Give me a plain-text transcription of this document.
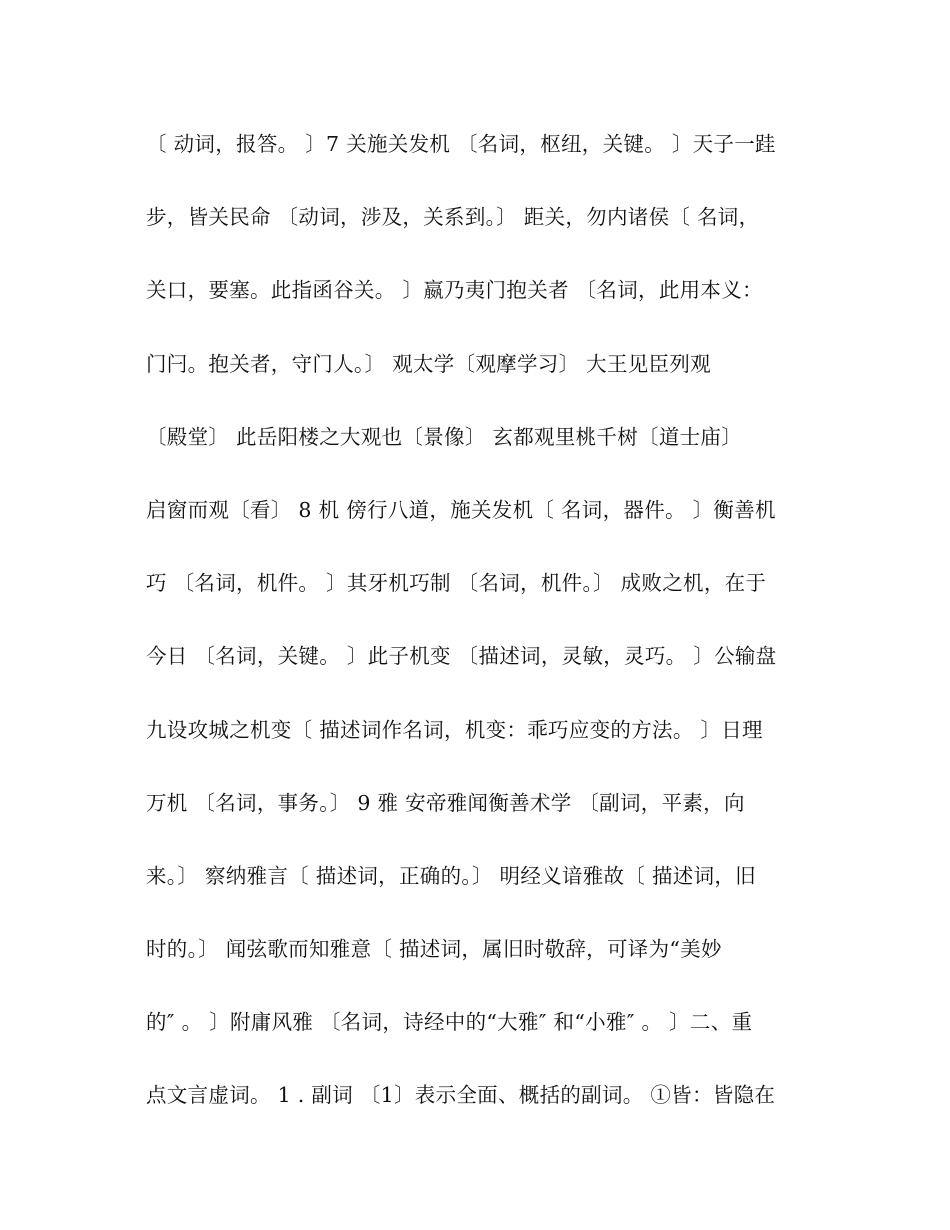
〔 动词，报答。 〕7 关施关发机 〔名词，枢纽，关键。 〕天子一跬
步，皆关民命 〔动词，涉及，关系到。〕 距关，勿内诸侯〔 名词，
关口，要塞。此指函谷关。 〕嬴乃夷门抱关者 〔名词，此用本义：
门闩。抱关者，守门人。〕 观太学〔观摩学习〕 大王见臣列观
〔殿堂〕 此岳阳楼之大观也〔景像〕 玄都观里桃千树〔道士庙〕
启窗而观〔看〕 8 机 傍行八道，施关发机〔 名词，器件。 〕衡善机
巧 〔名词，机件。 〕其牙机巧制 〔名词，机件。〕 成败之机，在于
今日 〔名词，关键。 〕此子机变 〔描述词，灵敏，灵巧。 〕公输盘
九设攻城之机变〔 描述词作名词，机变：乖巧应变的方法。 〕日理
万机 〔名词，事务。〕 9 雅 安帝雅闻衡善术学 〔副词，平素，向
来。〕 察纳雅言〔 描述词，正确的。〕 明经义谙雅故〔 描述词，旧
时的。〕 闻弦歌而知雅意〔 描述词，属旧时敬辞，可译为“美妙
的″ 。 〕附庸风雅 〔名词，诗经中的“大雅″ 和“小雅″ 。 〕二、重
点文言虚词。 1 . 副词 〔1〕表示全面、概括的副词。 ①皆：皆隐在
